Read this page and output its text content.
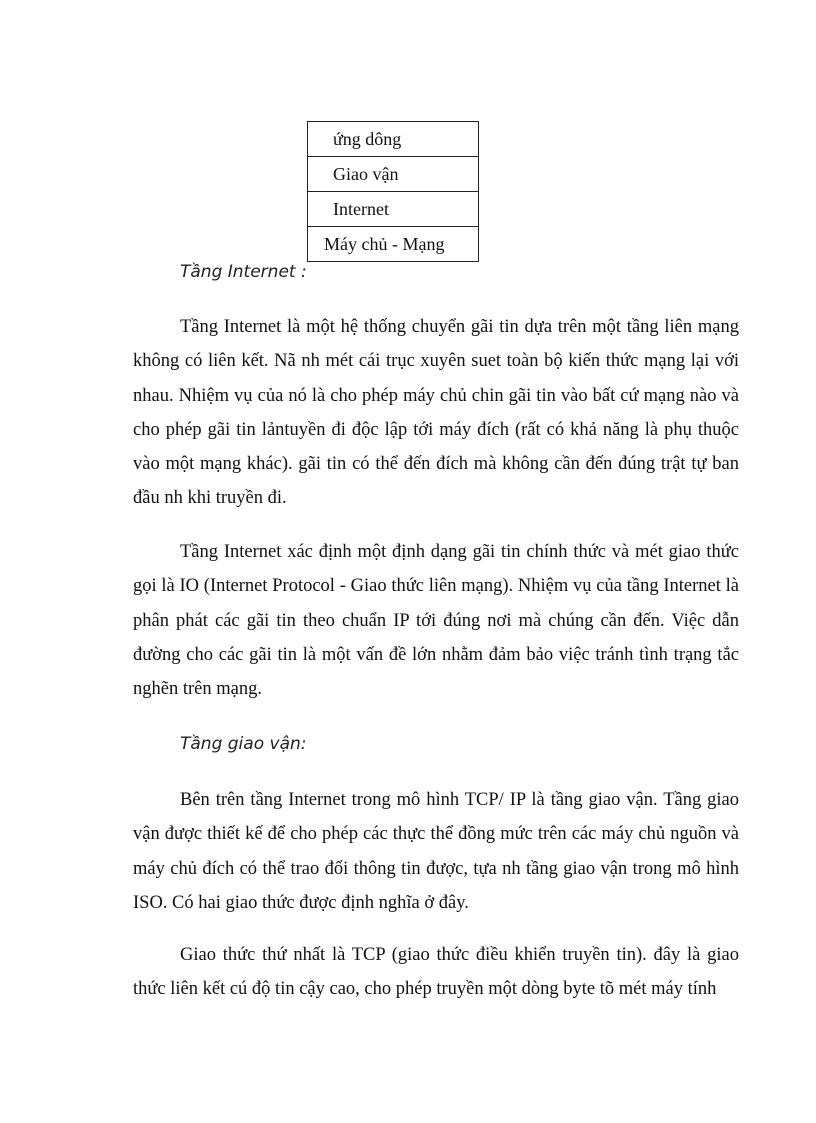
ứng dông
Giao vận
Internet
Máy chủ - Mạng
Tầng Internet :

Tầng Internet là một hệ thống chuyển gãi tin dựa trên một tầng liên mạng không có liên kết. Nã nh mét cái trục xuyên suet toàn bộ kiến thức mạng lại với nhau. Nhiệm vụ của nó là cho phép máy chủ chin gãi tin vào bất cứ mạng nào và cho phép gãi tin lảntuyền đi độc lập tới máy đích (rất có khả năng là phụ thuộc vào một mạng khác). gãi tin có thể đến đích mà không cần đến đúng trật tự ban đầu nh khi truyền đi.

Tầng Internet xác định một định dạng gãi tin chính thức và mét giao thức gọi là IO (Internet Protocol - Giao thức liên mạng). Nhiệm vụ của tầng Internet là phân phát các gãi tin theo chuẩn IP tới đúng nơi mà chúng cần đến. Việc dẫn đường cho các gãi tin là một vấn đề lớn nhằm đảm bảo việc tránh tình trạng tắc nghẽn trên mạng.

Tầng giao vận:

Bên trên tầng Internet trong mô hình TCP/ IP là tầng giao vận. Tầng giao vận được thiết kế để cho phép các thực thể đồng mức trên các máy chủ nguồn và máy chủ đích có thể trao đổi thông tin được, tựa nh tầng giao vận trong mô hình ISO. Có hai giao thức được định nghĩa ở đây.

Giao thức thứ nhất là TCP (giao thức điều khiển truyền tin). đây là giao thức liên kết cú độ tin cậy cao, cho phép truyền một dòng byte tõ mét máy tính
